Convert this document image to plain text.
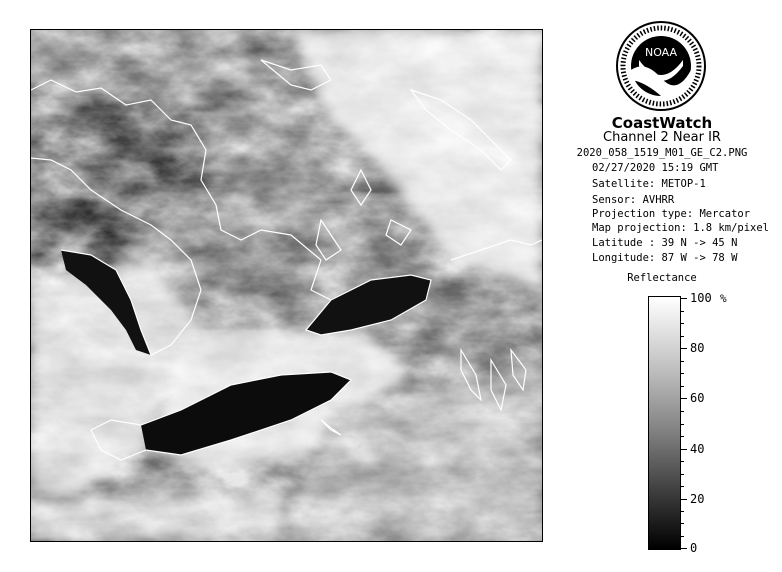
NOAA
CoastWatch
Channel 2 Near IR
2020_058_1519_M01_GE_C2.PNG
02/27/2020 15:19 GMT
Satellite: METOP-1
Sensor: AVHRR
Projection type: Mercator
Map projection: 1.8 km/pixel
Latitude : 39 N -> 45 N
Longitude: 87 W -> 78 W
Reflectance
%
100
80
60
40
20
0
